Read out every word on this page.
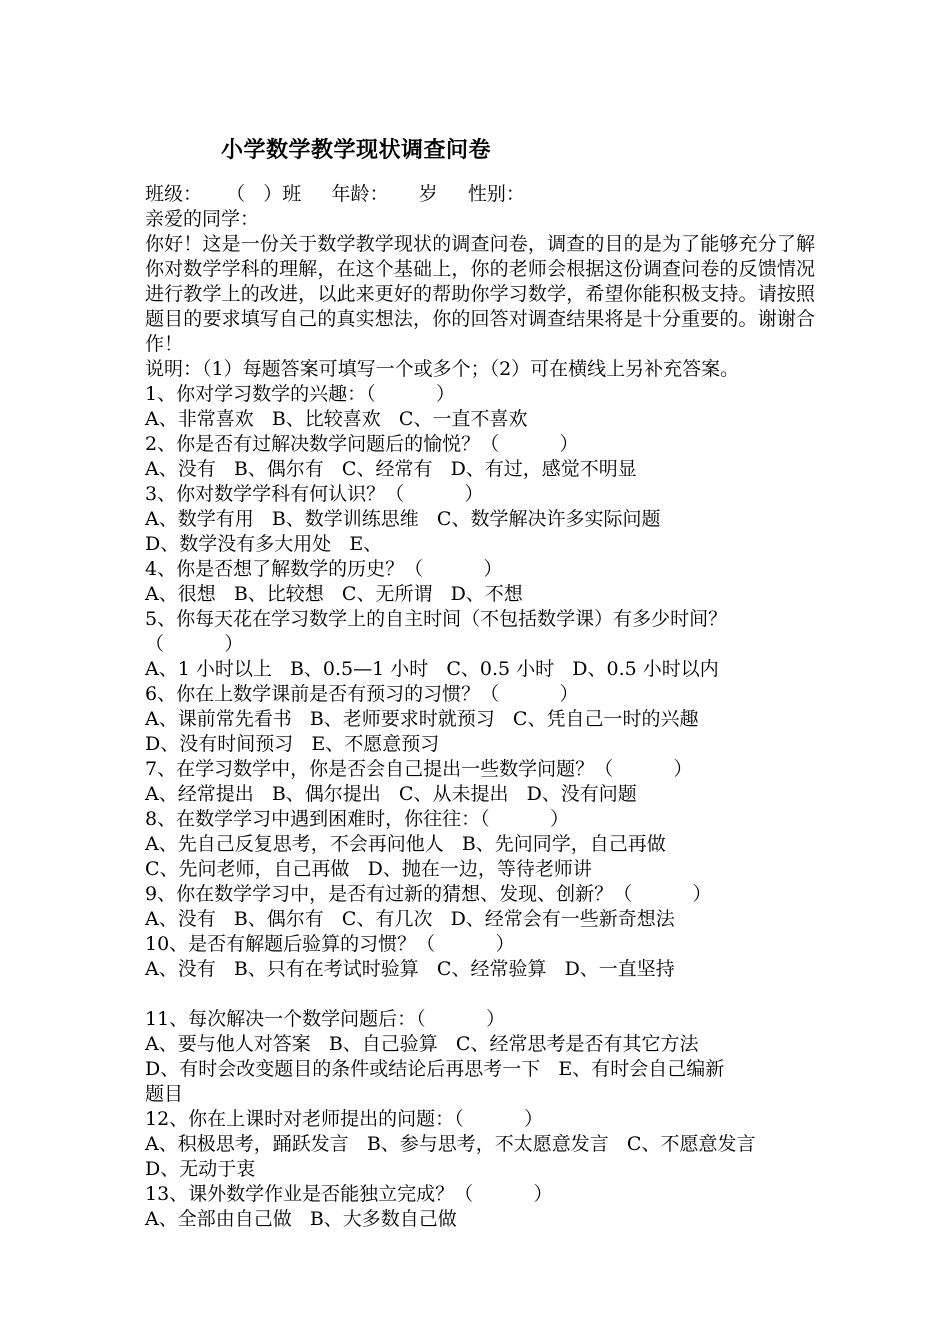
小学数学教学现状调查问卷
班级：    （   ）班     年龄：     岁     性别：
亲爱的同学：
你好！这是一份关于数学教学现状的调查问卷，调查的目的是为了能够充分了解你对数学学科的理解，在这个基础上，你的老师会根据这份调查问卷的反馈情况进行教学上的改进，以此来更好的帮助你学习数学，希望你能积极支持。请按照题目的要求填写自己的真实想法，你的回答对调查结果将是十分重要的。谢谢合作！
说明：（1）每题答案可填写一个或多个；（2）可在横线上另补充答案。
1、你对学习数学的兴趣：（          ）
A、非常喜欢   B、比较喜欢   C、一直不喜欢
2、你是否有过解决数学问题后的愉悦？（          ）
A、没有   B、偶尔有   C、经常有   D、有过，感觉不明显
3、你对数学学科有何认识？（          ）
A、数学有用   B、数学训练思维   C、数学解决许多实际问题
D、数学没有多大用处   E、
4、你是否想了解数学的历史？（          ）
A、很想   B、比较想   C、无所谓   D、不想
5、你每天花在学习数学上的自主时间（不包括数学课）有多少时间？
（          ）
A、1 小时以上   B、0.5—1 小时   C、0.5 小时   D、0.5 小时以内
6、你在上数学课前是否有预习的习惯？（          ）
A、课前常先看书   B、老师要求时就预习   C、凭自己一时的兴趣
D、没有时间预习   E、不愿意预习
7、在学习数学中，你是否会自己提出一些数学问题？（          ）
A、经常提出   B、偶尔提出   C、从未提出   D、没有问题
8、在数学学习中遇到困难时，你往往：（          ）
A、先自己反复思考，不会再问他人   B、先问同学，自己再做
C、先问老师，自己再做   D、抛在一边，等待老师讲
9、你在数学学习中，是否有过新的猜想、发现、创新？（          ）
A、没有   B、偶尔有   C、有几次   D、经常会有一些新奇想法
10、是否有解题后验算的习惯？（          ）
A、没有   B、只有在考试时验算   C、经常验算   D、一直坚持
11、每次解决一个数学问题后：（          ）
A、要与他人对答案   B、自己验算   C、经常思考是否有其它方法
D、有时会改变题目的条件或结论后再思考一下   E、有时会自己编新
题目
12、你在上课时对老师提出的问题：（          ）
A、积极思考，踊跃发言   B、参与思考，不太愿意发言   C、不愿意发言
D、无动于衷
13、课外数学作业是否能独立完成？（          ）
A、全部由自己做   B、大多数自己做
